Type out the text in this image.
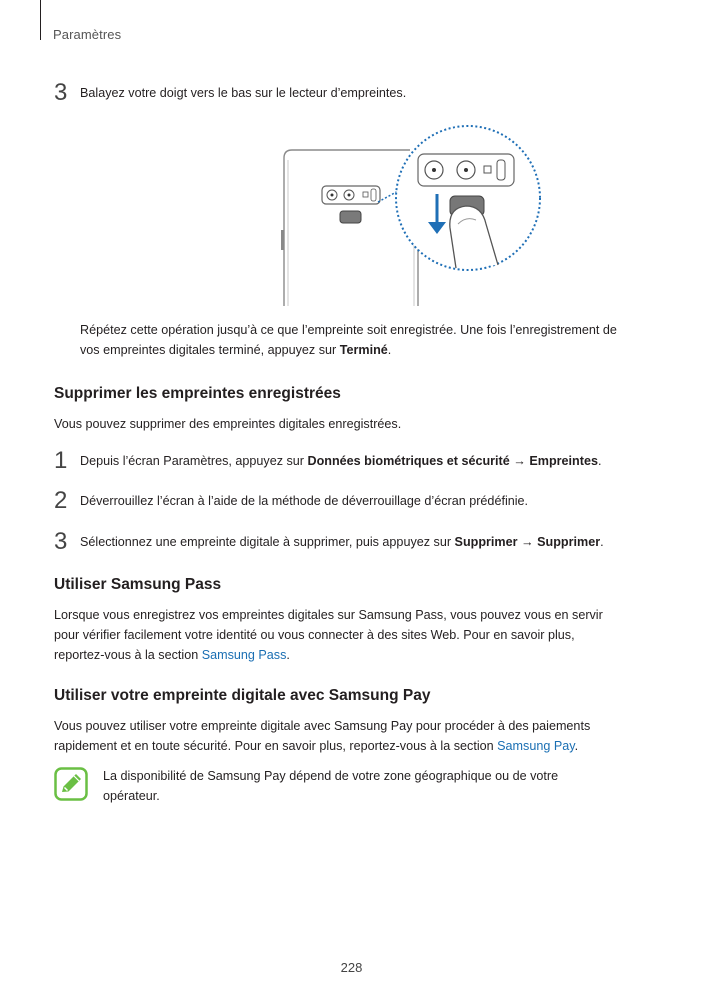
Paramètres
3 Balayez votre doigt vers le bas sur le lecteur d’empreintes.
Répétez cette opération jusqu’à ce que l’empreinte soit enregistrée. Une fois l’enregistrement de
vos empreintes digitales terminé, appuyez sur Terminé.
Supprimer les empreintes enregistrées
Vous pouvez supprimer des empreintes digitales enregistrées.
1 Depuis l’écran Paramètres, appuyez sur Données biométriques et sécurité → Empreintes.
2 Déverrouillez l’écran à l’aide de la méthode de déverrouillage d’écran prédéfinie.
3 Sélectionnez une empreinte digitale à supprimer, puis appuyez sur Supprimer → Supprimer.
Utiliser Samsung Pass
Lorsque vous enregistrez vos empreintes digitales sur Samsung Pass, vous pouvez vous en servir
pour vérifier facilement votre identité ou vous connecter à des sites Web. Pour en savoir plus,
reportez-vous à la section Samsung Pass.
Utiliser votre empreinte digitale avec Samsung Pay
Vous pouvez utiliser votre empreinte digitale avec Samsung Pay pour procéder à des paiements
rapidement et en toute sécurité. Pour en savoir plus, reportez-vous à la section Samsung Pay.
La disponibilité de Samsung Pay dépend de votre zone géographique ou de votre
opérateur.
228
